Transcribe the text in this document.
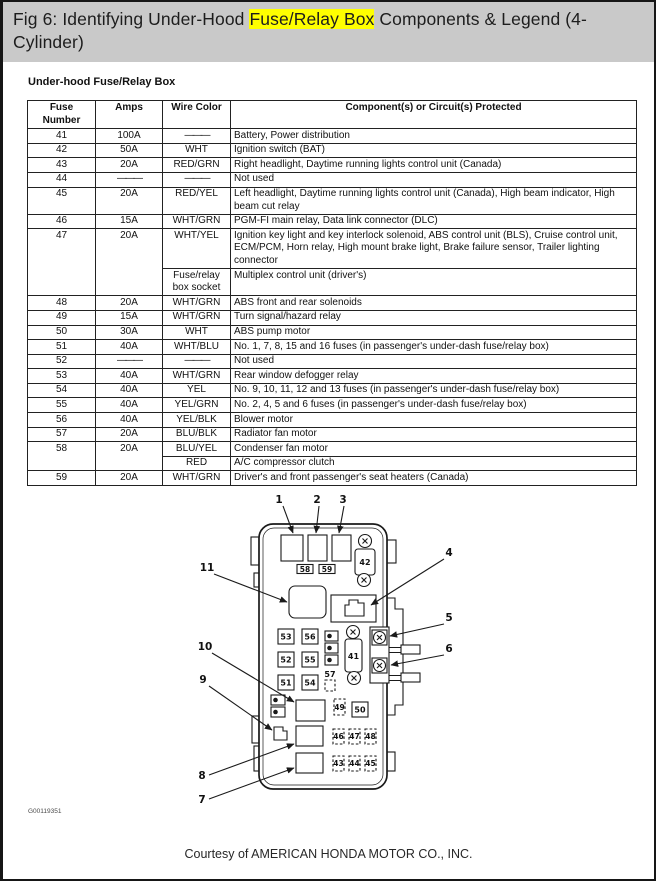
Fig 6: Identifying Under-Hood Fuse/Relay Box Components & Legend (4-
Cylinder)
Under-hood Fuse/Relay Box
Fuse Number	Amps	Wire Color	Component(s) or Circuit(s) Protected
41	100A	———	Battery, Power distribution
42	50A	WHT	Ignition switch (BAT)
43	20A	RED/GRN	Right headlight, Daytime running lights control unit (Canada)
44	———	———	Not used
45	20A	RED/YEL	Left headlight, Daytime running lights control unit (Canada), High beam indicator, High beam cut relay
46	15A	WHT/GRN	PGM-FI main relay, Data link connector (DLC)
47	20A	WHT/YEL	Ignition key light and key interlock solenoid, ABS control unit (BLS), Cruise control unit, ECM/PCM, Horn relay, High mount brake light, Brake failure sensor, Trailer lighting connector
		Fuse/relay box socket	Multiplex control unit (driver's)
48	20A	WHT/GRN	ABS front and rear solenoids
49	15A	WHT/GRN	Turn signal/hazard relay
50	30A	WHT	ABS pump motor
51	40A	WHT/BLU	No. 1, 7, 8, 15 and 16 fuses (in passenger's under-dash fuse/relay box)
52	———	———	Not used
53	40A	WHT/GRN	Rear window defogger relay
54	40A	YEL	No. 9, 10, 11, 12 and 13 fuses (in passenger's under-dash fuse/relay box)
55	40A	YEL/GRN	No. 2, 4, 5 and 6 fuses (in passenger's under-dash fuse/relay box)
56	40A	YEL/BLK	Blower motor
57	20A	BLU/BLK	Radiator fan motor
58	20A	BLU/YEL	Condenser fan motor
		RED	A/C compressor clutch
59	20A	WHT/GRN	Driver's and front passenger's seat heaters (Canada)
58 59
42
53 56
52 55
51 54
57
41
49 50
46 47 48
43 44 45
1	2 3
4
5
6
11
10
9
8
7
G00119351
Courtesy of AMERICAN HONDA MOTOR CO., INC.
